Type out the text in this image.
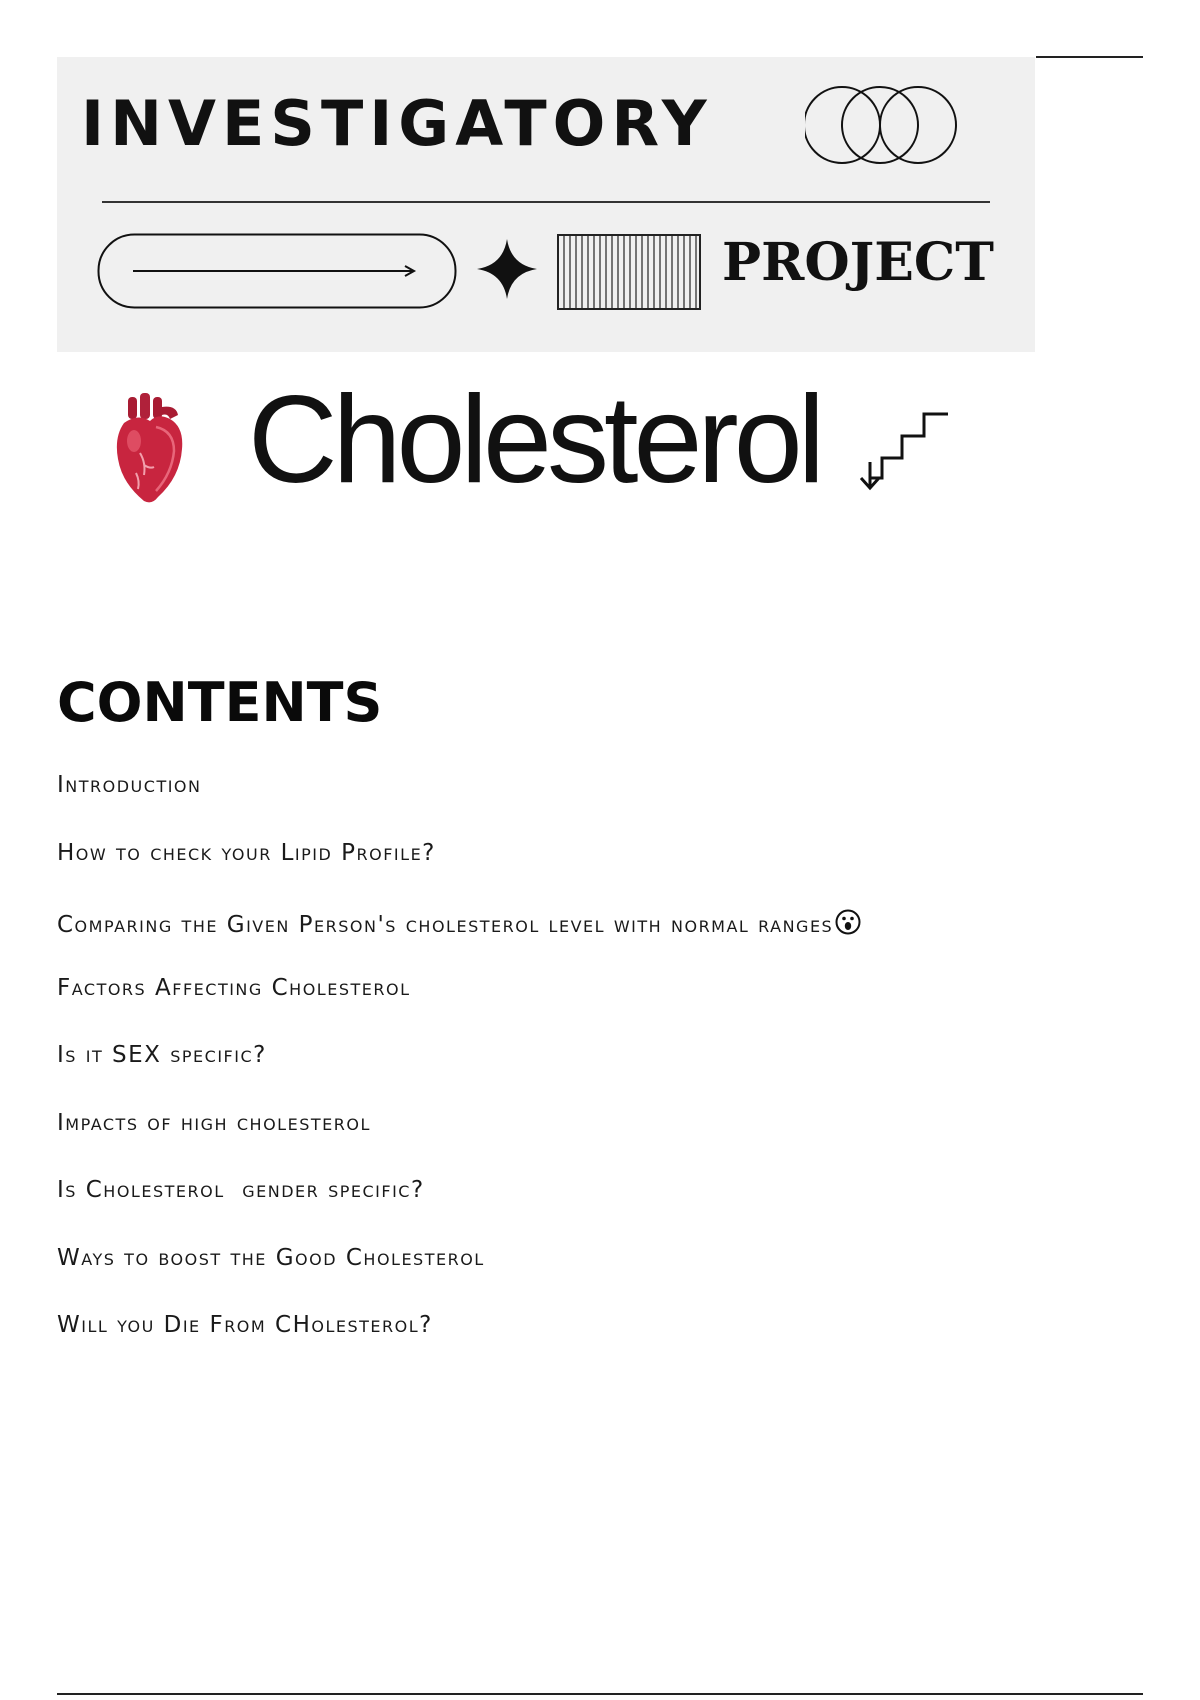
INVESTIGATORY
PROJECT
Cholesterol
CONTENTS
Introduction
How to check your Lipid Profile?
Comparing the Given Person's cholesterol level with normal ranges
Factors Affecting Cholesterol
Is it SEX specific?
Impacts of high cholesterol
Is Cholesterol  gender specific?
Ways to boost the Good Cholesterol
Will you Die From CHolesterol?
